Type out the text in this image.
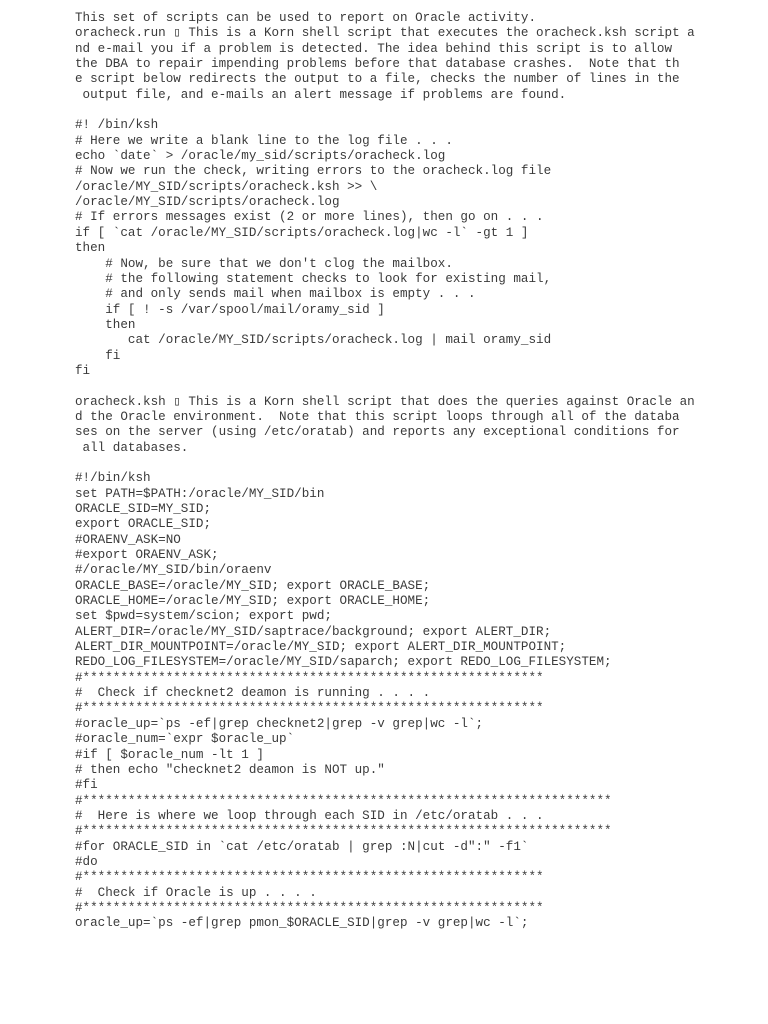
This set of scripts can be used to report on Oracle activity.
oracheck.run ▯ This is a Korn shell script that executes the oracheck.ksh script a
nd e-mail you if a problem is detected. The idea behind this script is to allow
the DBA to repair impending problems before that database crashes.  Note that th
e script below redirects the output to a file, checks the number of lines in the
output file, and e-mails an alert message if problems are found.
#! /bin/ksh
# Here we write a blank line to the log file . . .
echo `date` > /oracle/my_sid/scripts/oracheck.log
# Now we run the check, writing errors to the oracheck.log file
/oracle/MY_SID/scripts/oracheck.ksh >> \
/oracle/MY_SID/scripts/oracheck.log
# If errors messages exist (2 or more lines), then go on . . .
if [ `cat /oracle/MY_SID/scripts/oracheck.log|wc -l` -gt 1 ]
then
# Now, be sure that we don't clog the mailbox.
# the following statement checks to look for existing mail,
# and only sends mail when mailbox is empty . . .
if [ ! -s /var/spool/mail/oramy_sid ]
then
cat /oracle/MY_SID/scripts/oracheck.log | mail oramy_sid
fi
fi
oracheck.ksh ▯ This is a Korn shell script that does the queries against Oracle an
d the Oracle environment.  Note that this script loops through all of the databa
ses on the server (using /etc/oratab) and reports any exceptional conditions for
all databases.
#!/bin/ksh
set PATH=$PATH:/oracle/MY_SID/bin
ORACLE_SID=MY_SID;
export ORACLE_SID;
#ORAENV_ASK=NO
#export ORAENV_ASK;
#/oracle/MY_SID/bin/oraenv
ORACLE_BASE=/oracle/MY_SID; export ORACLE_BASE;
ORACLE_HOME=/oracle/MY_SID; export ORACLE_HOME;
set $pwd=system/scion; export pwd;
ALERT_DIR=/oracle/MY_SID/saptrace/background; export ALERT_DIR;
ALERT_DIR_MOUNTPOINT=/oracle/MY_SID; export ALERT_DIR_MOUNTPOINT;
REDO_LOG_FILESYSTEM=/oracle/MY_SID/saparch; export REDO_LOG_FILESYSTEM;
#*************************************************************
#  Check if checknet2 deamon is running . . . .
#*************************************************************
#oracle_up=`ps -ef|grep checknet2|grep -v grep|wc -l`;
#oracle_num=`expr $oracle_up`
#if [ $oracle_num -lt 1 ]
# then echo "checknet2 deamon is NOT up."
#fi
#**********************************************************************
#  Here is where we loop through each SID in /etc/oratab . . .
#**********************************************************************
#for ORACLE_SID in `cat /etc/oratab | grep :N|cut -d":" -f1`
#do
#*************************************************************
#  Check if Oracle is up . . . .
#*************************************************************
oracle_up=`ps -ef|grep pmon_$ORACLE_SID|grep -v grep|wc -l`;
